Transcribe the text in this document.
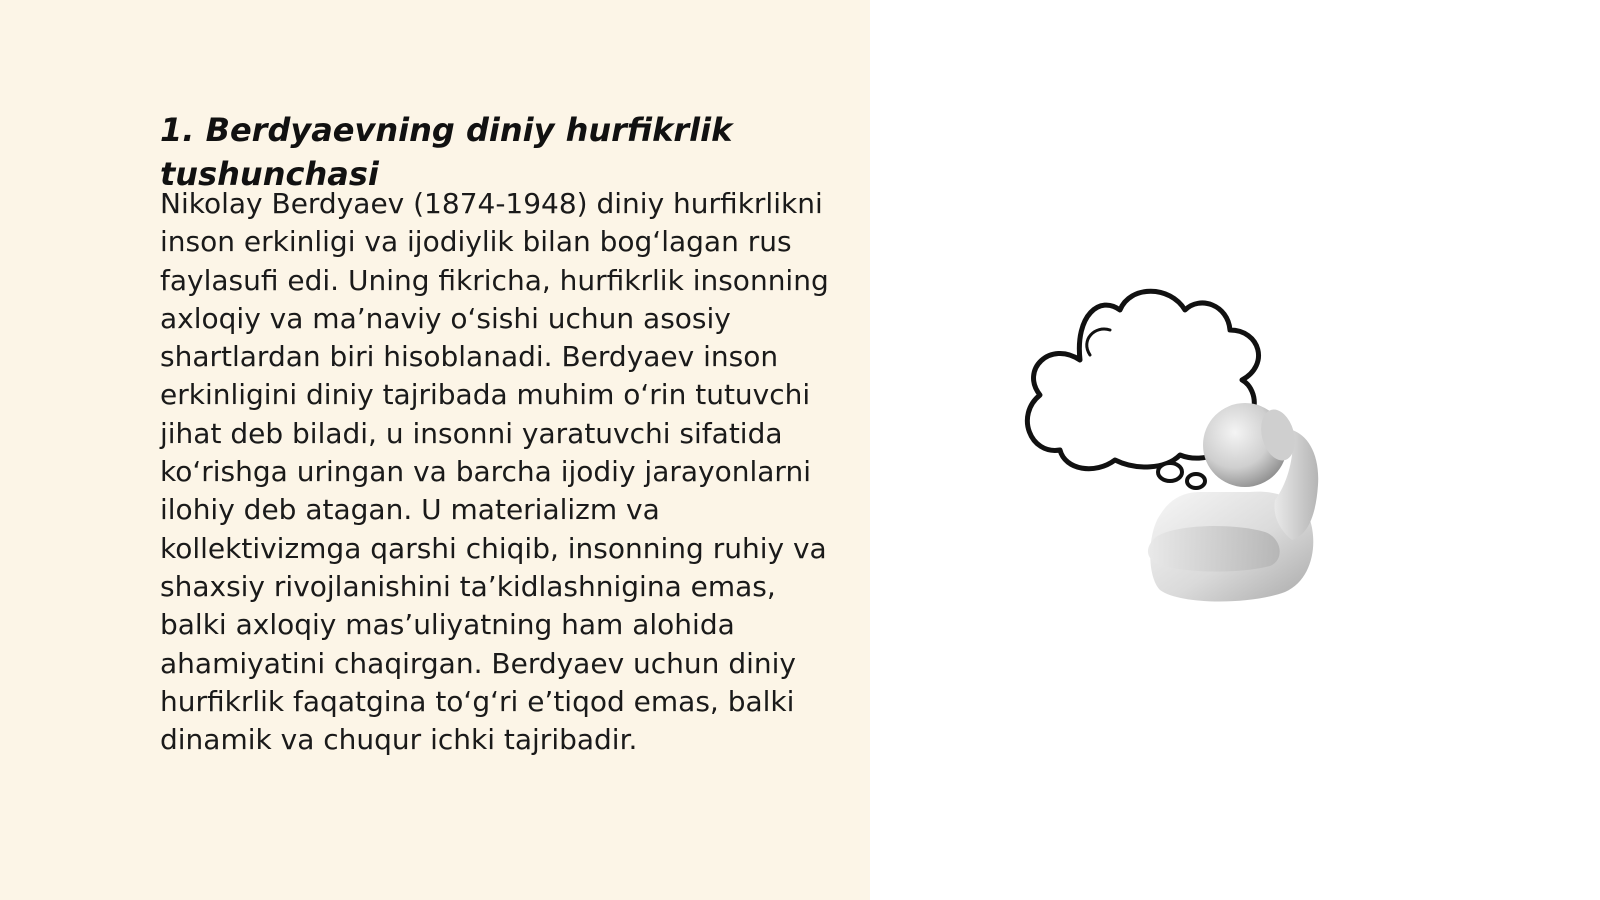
1. Berdyaevning diniy hurfikrlik tushunchasi

Nikolay Berdyaev (1874-1948) diniy hurfikrlikni inson erkinligi va ijodiylik bilan bog‘lagan rus faylasufi edi. Uning fikricha, hurfikrlik insonning axloqiy va ma’naviy o‘sishi uchun asosiy shartlardan biri hisoblanadi. Berdyaev inson erkinligini diniy tajribada muhim o‘rin tutuvchi jihat deb biladi, u insonni yaratuvchi sifatida ko‘rishga uringan va barcha ijodiy jarayonlarni ilohiy deb atagan. U materializm va kollektivizmga qarshi chiqib, insonning ruhiy va shaxsiy rivojlanishini ta’kidlashnigina emas, balki axloqiy mas’uliyatning ham alohida ahamiyatini chaqirgan. Berdyaev uchun diniy hurfikrlik faqatgina to‘g‘ri e’tiqod emas, balki dinamik va chuqur ichki tajribadir.
